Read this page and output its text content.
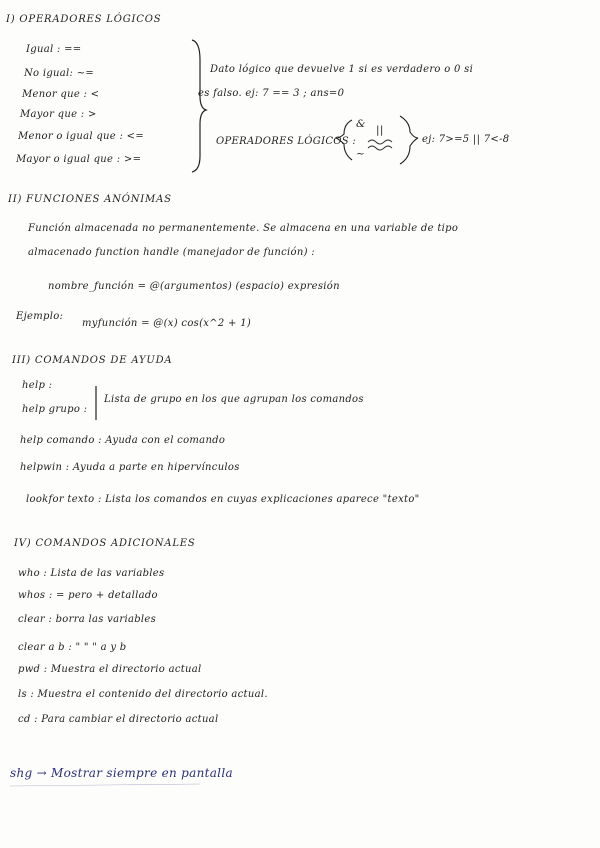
I) OPERADORES LÓGICOS
Igual : ==
No igual: ~=
Menor que : <
Mayor que : >
Menor o igual que : <=
Mayor o igual que : >=
Dato lógico que devuelve 1 si es verdadero o 0 si
es falso. ej: 7 == 3 ; ans=0
OPERADORES LÓGICOS :
& ||
~
ej: 7>=5 || 7<-8
II) FUNCIONES ANÓNIMAS
Función almacenada no permanentemente. Se almacena en una variable de tipo
almacenado function handle (manejador de función) :
nombre_función = @(argumentos) (espacio) expresión
Ejemplo:
myfunción = @(x) cos(x^2 + 1)
III) COMANDOS DE AYUDA
help :
help grupo :
Lista de grupo en los que agrupan los comandos
help comando : Ayuda con el comando
helpwin : Ayuda a parte en hipervínculos
lookfor texto : Lista los comandos en cuyas explicaciones aparece "texto"
IV) COMANDOS ADICIONALES
who : Lista de las variables
whos : = pero + detallado
clear : borra las variables
clear a b : " " " a y b
pwd : Muestra el directorio actual
ls : Muestra el contenido del directorio actual.
cd : Para cambiar el directorio actual
shg → Mostrar siempre en pantalla
